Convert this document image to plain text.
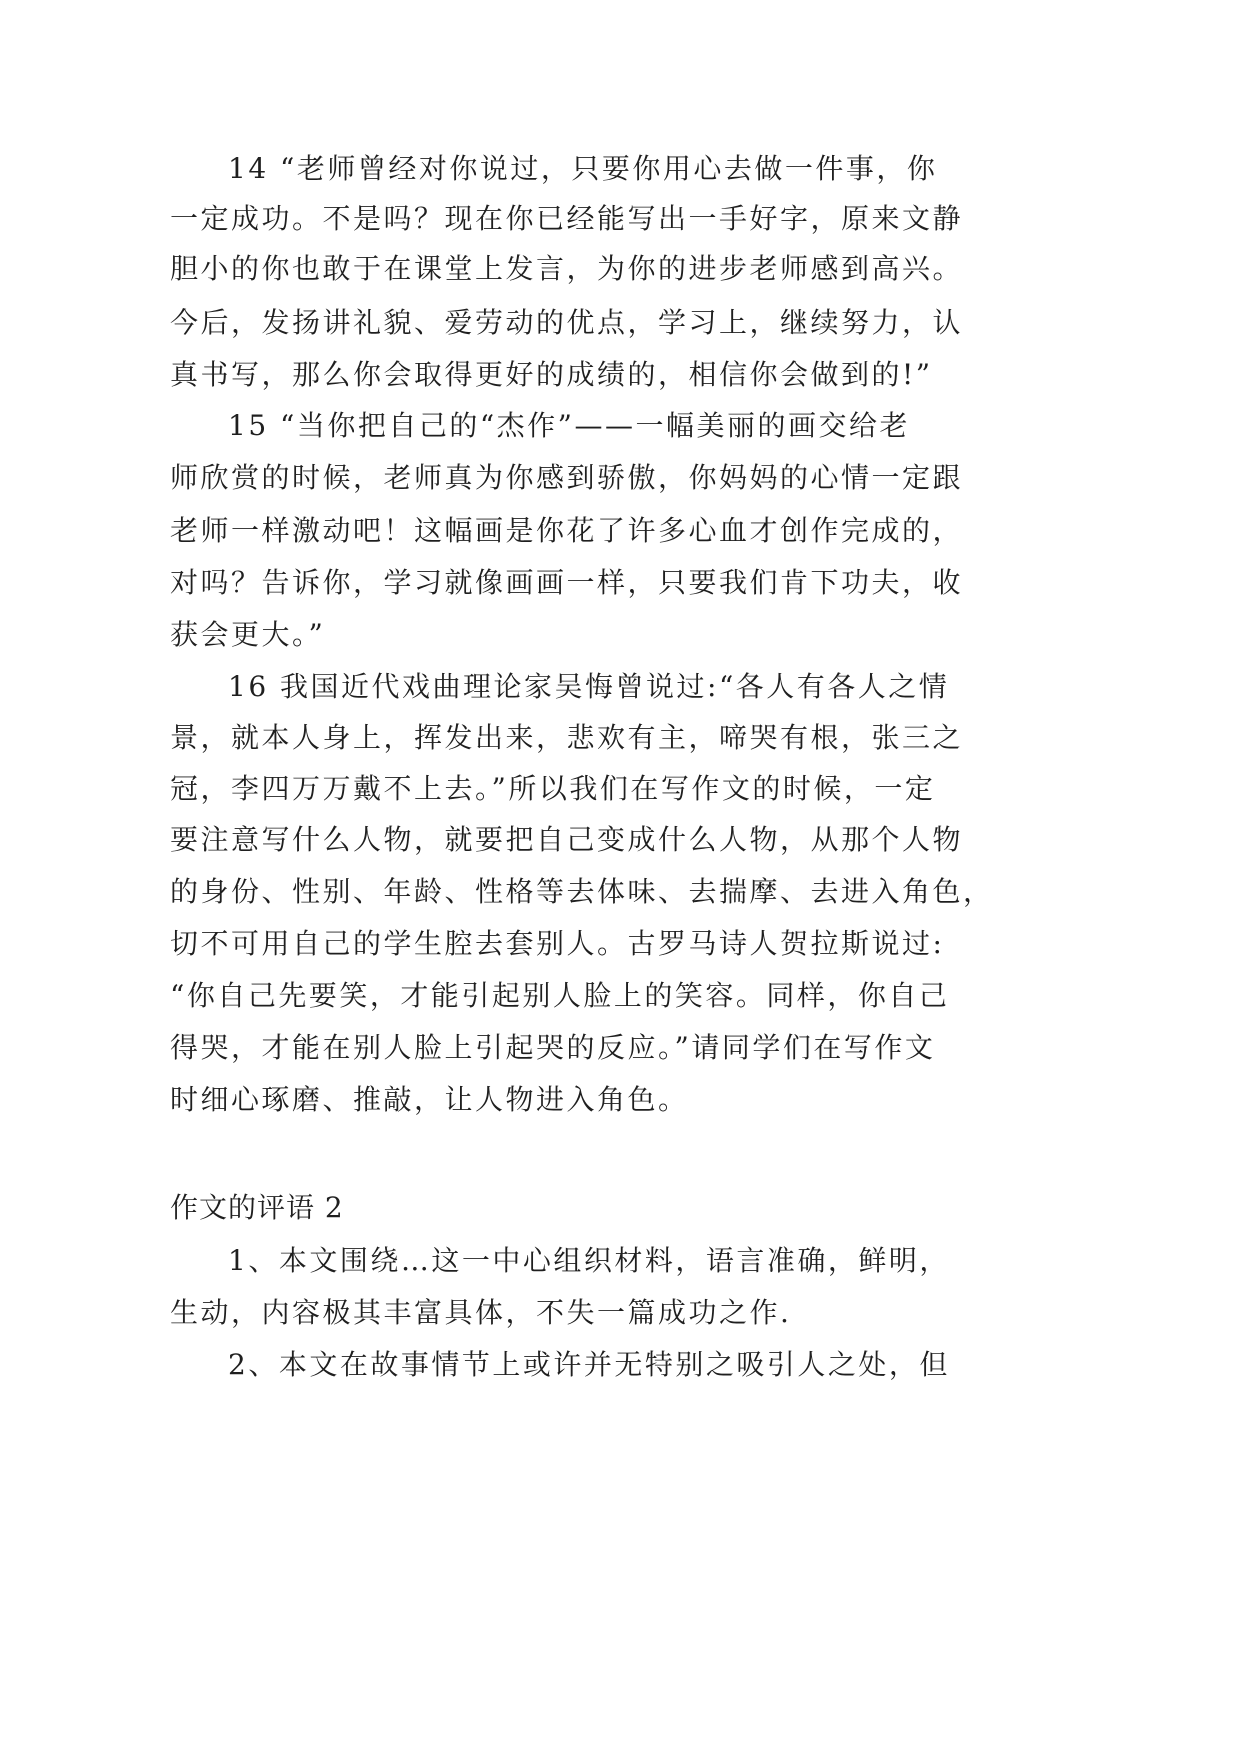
14 “老师曾经对你说过，只要你用心去做一件事，你

一定成功。不是吗？现在你已经能写出一手好字，原来文静

胆小的你也敢于在课堂上发言，为你的进步老师感到高兴。

今后，发扬讲礼貌、爱劳动的优点，学习上，继续努力，认

真书写，那么你会取得更好的成绩的，相信你会做到的!”

15 “当你把自己的“杰作”——一幅美丽的画交给老

师欣赏的时候，老师真为你感到骄傲，你妈妈的心情一定跟

老师一样激动吧！这幅画是你花了许多心血才创作完成的，

对吗？告诉你，学习就像画画一样，只要我们肯下功夫，收

获会更大。”

16 我国近代戏曲理论家吴悔曾说过:“各人有各人之情

景，就本人身上，挥发出来，悲欢有主，啼哭有根，张三之

冠，李四万万戴不上去。”所以我们在写作文的时候，一定

要注意写什么人物，就要把自己变成什么人物，从那个人物

的身份、性别、年龄、性格等去体味、去揣摩、去进入角色，

切不可用自己的学生腔去套别人。古罗马诗人贺拉斯说过:

“你自己先要笑，才能引起别人脸上的笑容。同样，你自己

得哭，才能在别人脸上引起哭的反应。”请同学们在写作文

时细心琢磨、推敲，让人物进入角色。

作文的评语 2

1、本文围绕…这一中心组织材料，语言准确，鲜明，

生动，内容极其丰富具体，不失一篇成功之作.

2、本文在故事情节上或许并无特别之吸引人之处，但
